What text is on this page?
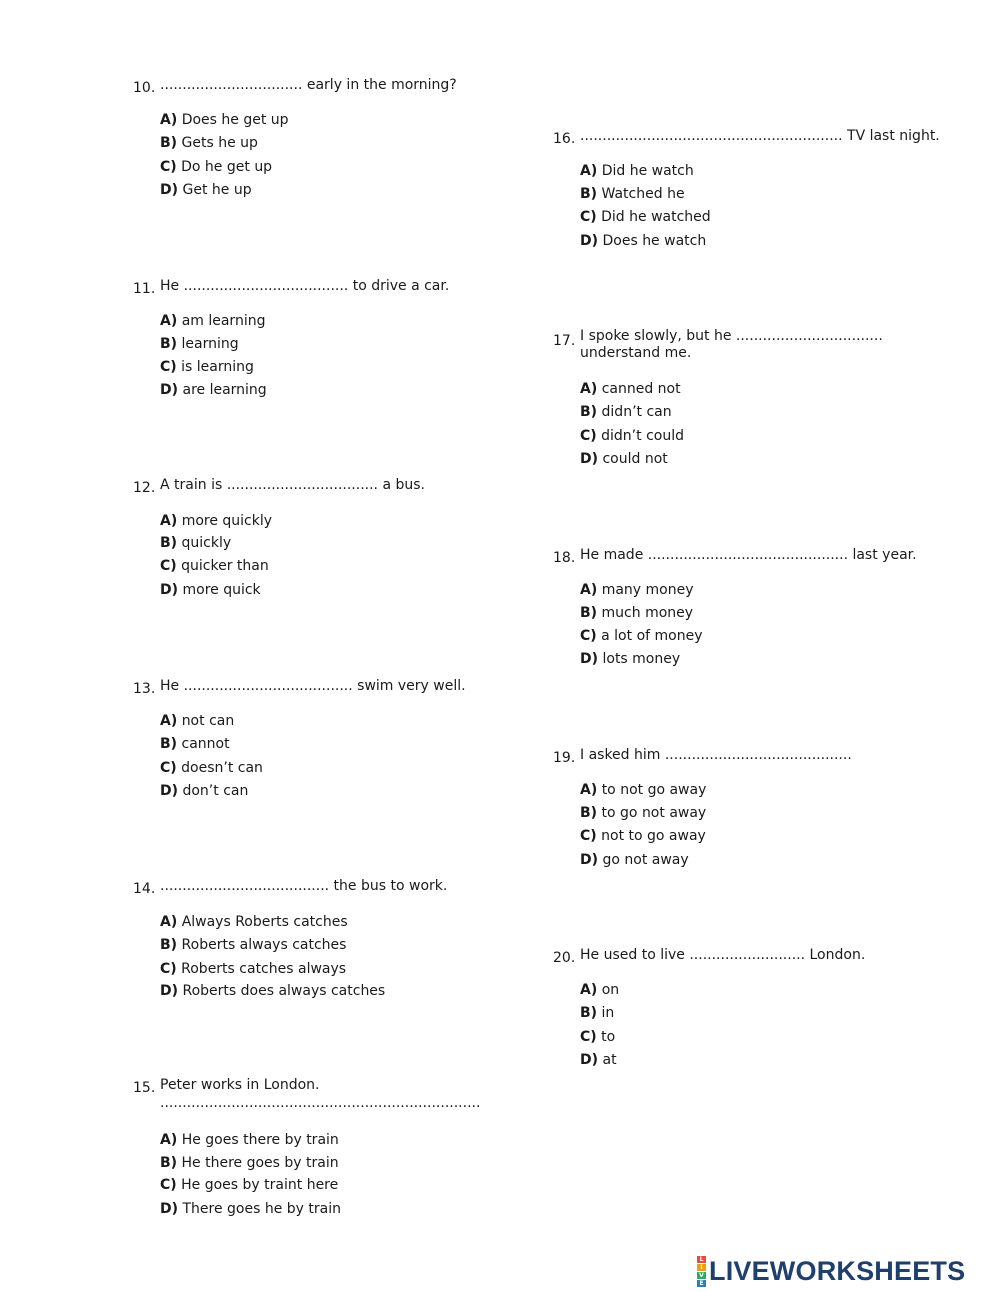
10. ................................ early in the morning?
A) Does he get up
B) Gets he up
C) Do he get up
D) Get he up
11. He ..................................... to drive a car.
A) am learning
B) learning
C) is learning
D) are learning
12. A train is .................................. a bus.
A) more quickly
B) quickly
C) quicker than
D) more quick
13. He ...................................... swim very well.
A) not can
B) cannot
C) doesn’t can
D) don’t can
14. ...................................... the bus to work.
A) Always Roberts catches
B) Roberts always catches
C) Roberts catches always
D) Roberts does always catches
15. Peter works in London.
........................................................................
A) He goes there by train
B) He there goes by train
C) He goes by traint here
D) There goes he by train
16. ........................................................... TV last night.
A) Did he watch
B) Watched he
C) Did he watched
D) Does he watch
17. I spoke slowly, but he .................................
understand me.
A) canned not
B) didn’t can
C) didn’t could
D) could not
18. He made ............................................. last year.
A) many money
B) much money
C) a lot of money
D) lots money
19. I asked him ..........................................
A) to not go away
B) to go not away
C) not to go away
D) go not away
20. He used to live .......................... London.
A) on
B) in
C) to
D) at
L
I
V
E LIVEWORKSHEETS
